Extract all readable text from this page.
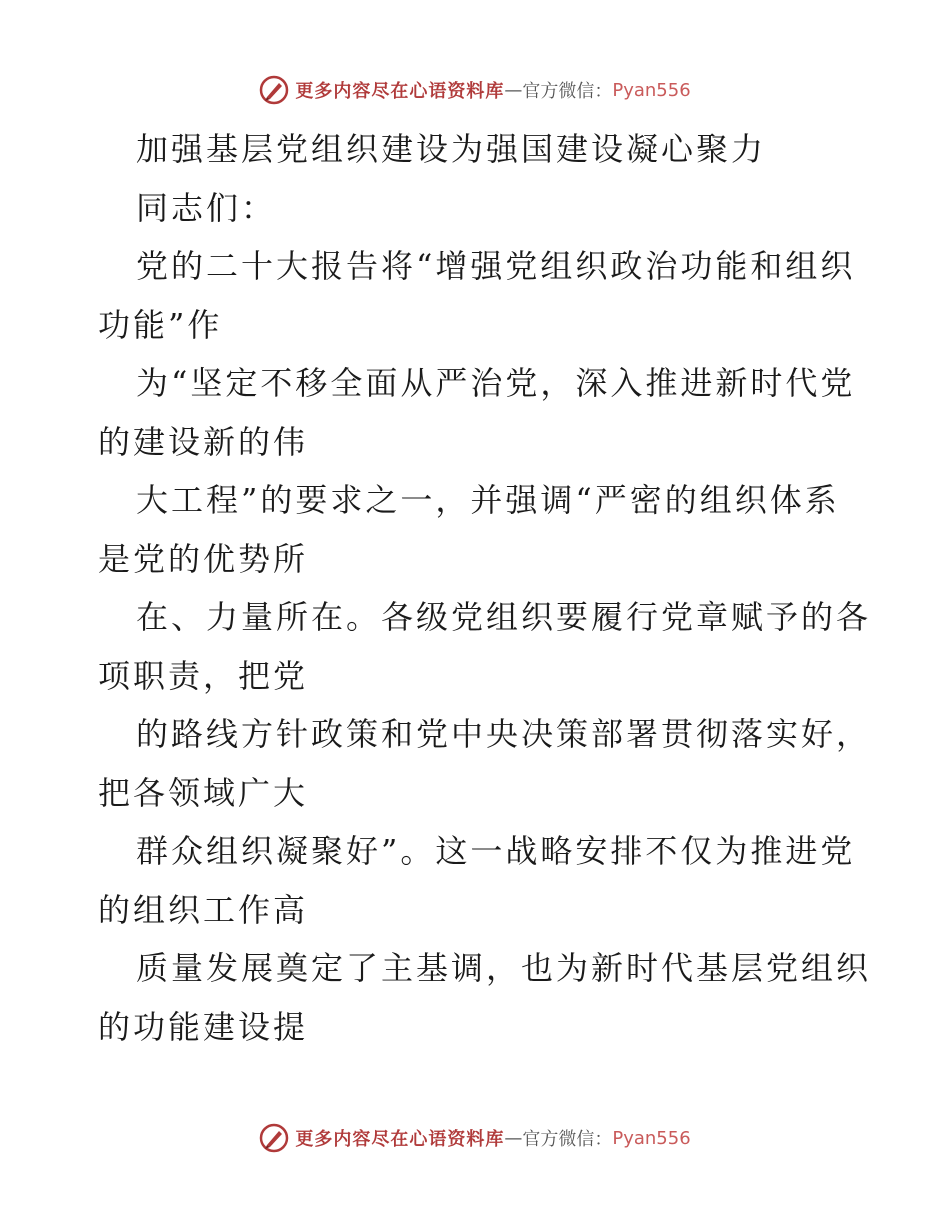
更多内容尽在心语资料库 — 官方微信： Pyan556
加强基层党组织建设为强国建设凝心聚力
同志们：
党的二十大报告将“增强党组织政治功能和组织
功能”作
为“坚定不移全面从严治党，深入推进新时代党
的建设新的伟
大工程”的要求之一，并强调“严密的组织体系
是党的优势所
在、力量所在。各级党组织要履行党章赋予的各
项职责，把党
的路线方针政策和党中央决策部署贯彻落实好，
把各领域广大
群众组织凝聚好”。这一战略安排不仅为推进党
的组织工作高
质量发展奠定了主基调，也为新时代基层党组织
的功能建设提
更多内容尽在心语资料库 — 官方微信： Pyan556
